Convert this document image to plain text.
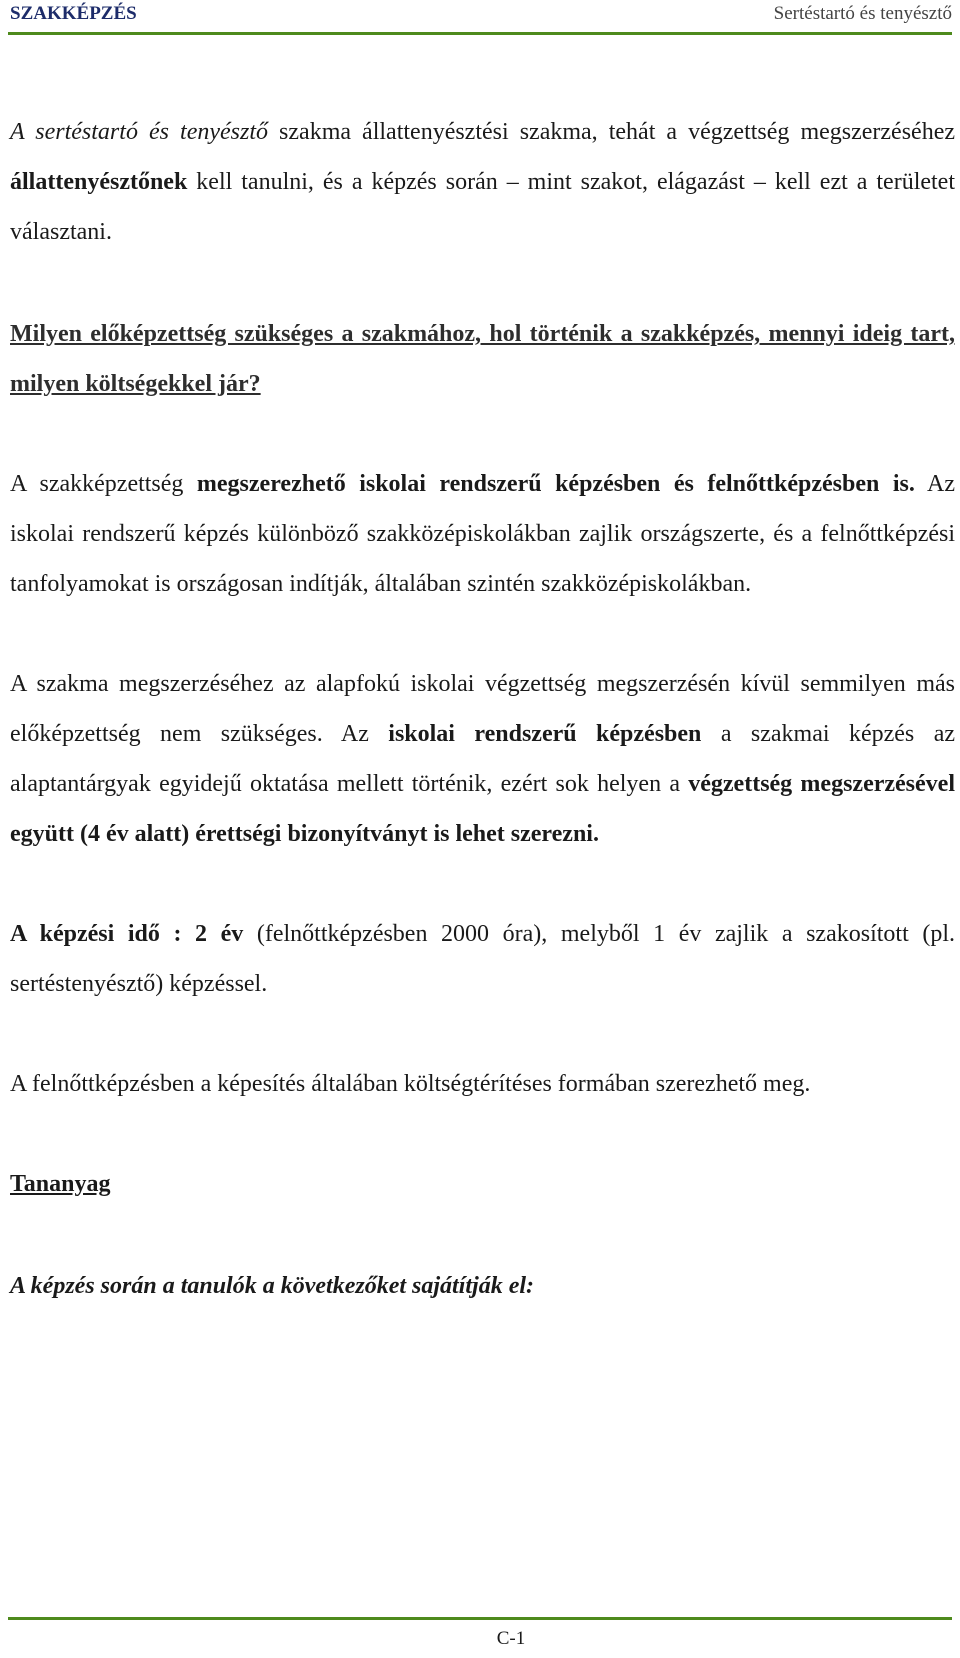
SZAKKÉPZÉS	Sertéstartó és tenyésztő

A sertéstartó és tenyésztő szakma állattenyésztési szakma, tehát a végzettség megszerzéséhez állattenyésztőnek kell tanulni, és a képzés során – mint szakot, elágazást – kell ezt a területet választani.

Milyen előképzettség szükséges a szakmához, hol történik a szakképzés, mennyi ideig tart, milyen költségekkel jár?

A szakképzettség megszerezhető iskolai rendszerű képzésben és felnőttképzésben is. Az iskolai rendszerű képzés különböző szakközépiskolákban zajlik országszerte, és a felnőttképzési tanfolyamokat is országosan indítják, általában szintén szakközépiskolákban.

A szakma megszerzéséhez az alapfokú iskolai végzettség megszerzésén kívül semmilyen más előképzettség nem szükséges. Az iskolai rendszerű képzésben a szakmai képzés az alaptantárgyak egyidejű oktatása mellett történik, ezért sok helyen a végzettség megszerzésével együtt (4 év alatt) érettségi bizonyítványt is lehet szerezni.

A képzési idő : 2 év (felnőttképzésben 2000 óra), melyből 1 év zajlik a szakosított (pl. sertéstenyésztő) képzéssel.

A felnőttképzésben a képesítés általában költségtérítéses formában szerezhető meg.

Tananyag

A képzés során a tanulók a következőket sajátítják el:

C-1
